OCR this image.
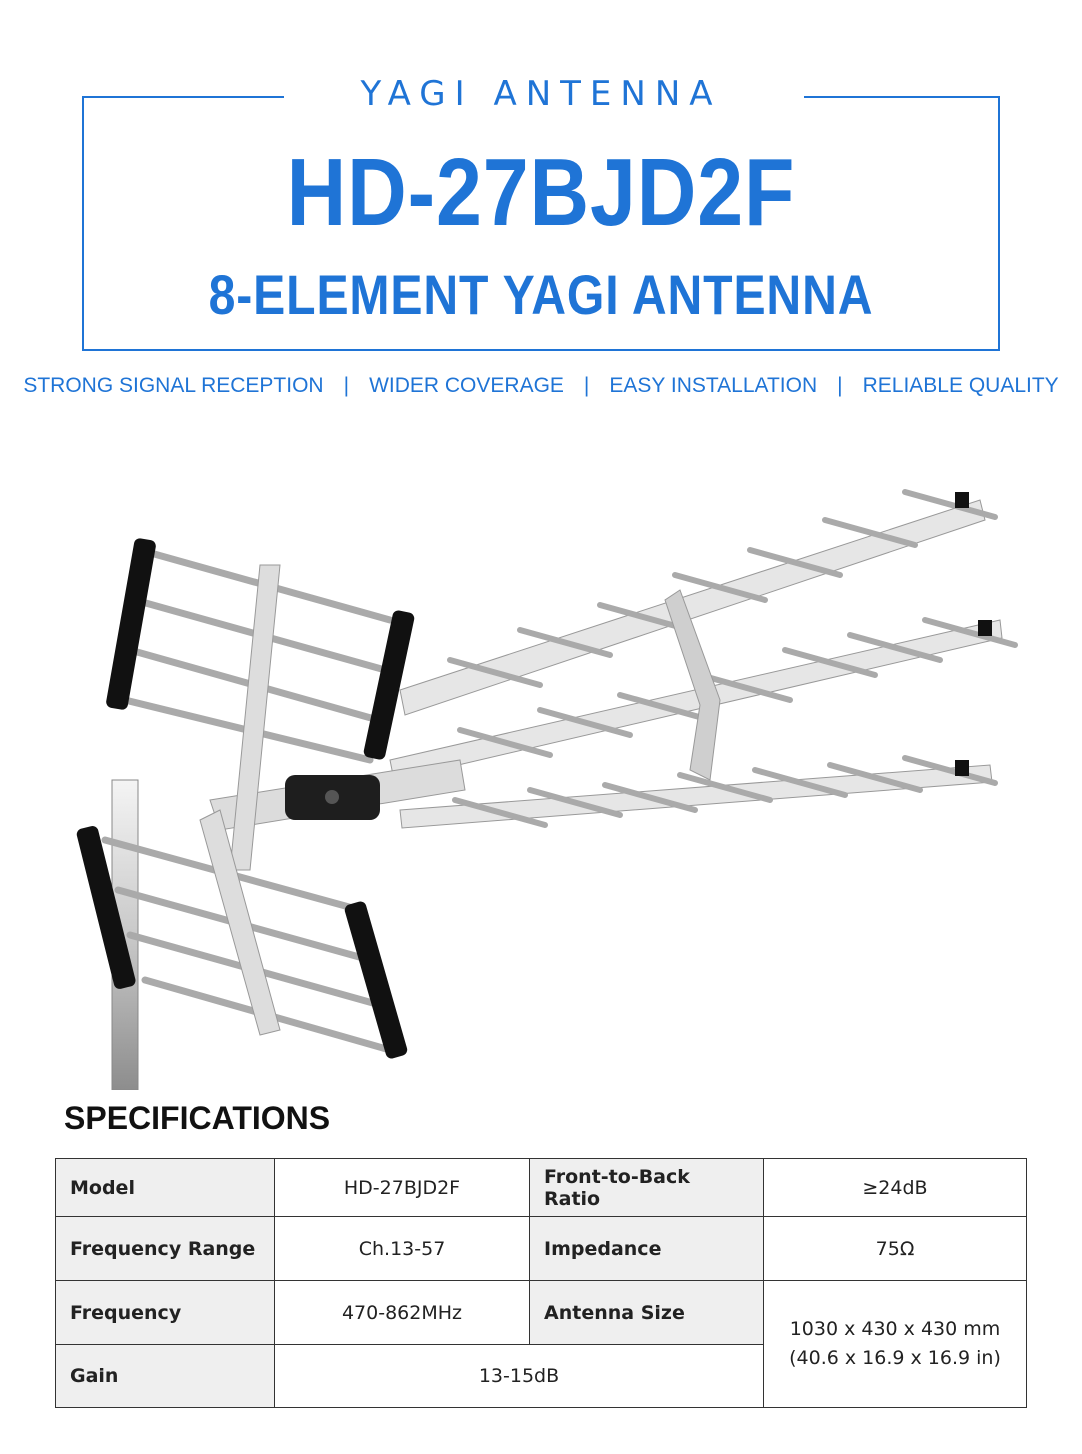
YAGI ANTENNA
HD-27BJD2F
8-ELEMENT YAGI ANTENNA
STRONG SIGNAL RECEPTION | WIDER COVERAGE | EASY INSTALLATION | RELIABLE QUALITY
SPECIFICATIONS
Model	HD-27BJD2F	Front-to-Back Ratio	≥24dB
Frequency Range	Ch.13-57	Impedance	75Ω
Frequency	470-862MHz	Antenna Size	1030 x 430 x 430 mm
(40.6 x 16.9 x 16.9 in)

Gain	13-15dB		
